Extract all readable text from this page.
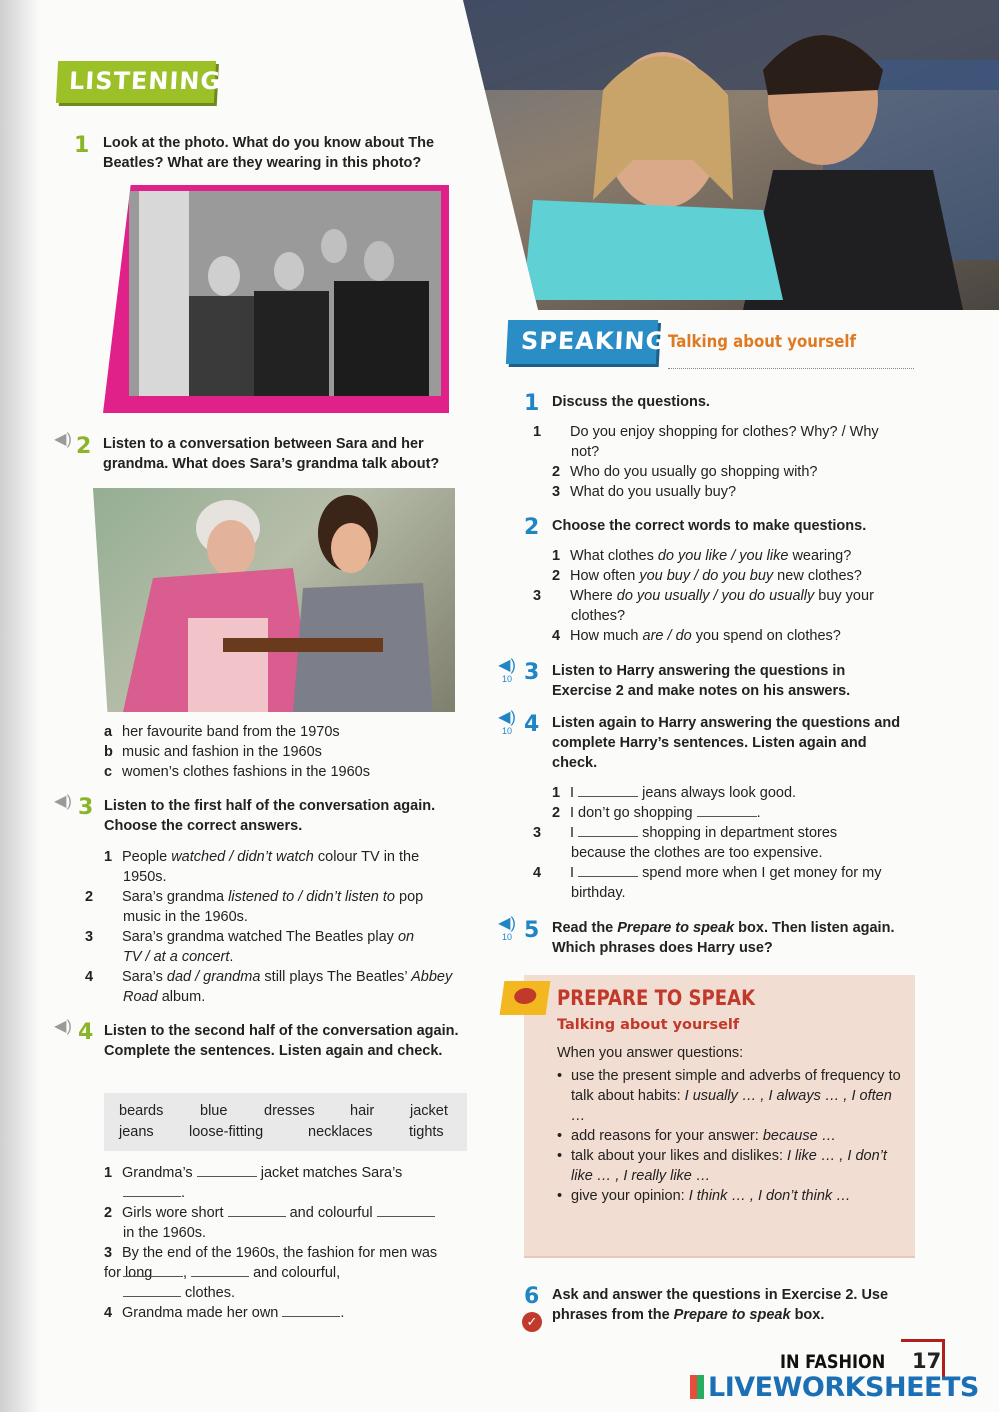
LISTENING
1 Look at the photo. What do you know about The Beatles? What are they wearing in this photo?
◀) 2 Listen to a conversation between Sara and her grandma. What does Sara’s grandma talk about?
a her favourite band from the 1970s
b music and fashion in the 1960s
c women’s clothes fashions in the 1960s
◀) 3 Listen to the first half of the conversation again. Choose the correct answers.
1 People watched / didn’t watch colour TV in the 1950s.
2 Sara’s grandma listened to / didn’t listen to pop music in the 1960s.
3 Sara’s grandma watched The Beatles play on TV / at a concert.
4 Sara’s dad / grandma still plays The Beatles’ Abbey Road album.
◀) 4 Listen to the second half of the conversation again. Complete the sentences. Listen again and check.
beards	blue	dresses hair jacket
jeans loose-fitting	necklaces	tights
1 Grandma’s	jacket matches Sara’s
.
2 Girls wore short	and colourful
in the 1960s.
3 By the end of the 1960s, the fashion for men was for long	,	and colourful,
clothes.
4 Grandma made her own	.
SPEAKING Talking about yourself
1 Discuss the questions.
1 Do you enjoy shopping for clothes? Why? / Why not?
2 Who do you usually go shopping with?
3 What do you usually buy?
2 Choose the correct words to make questions.
1 What clothes do you like / you like wearing?
2 How often you buy / do you buy new clothes?
3 Where do you usually / you do usually buy your clothes?
4 How much are / do you spend on clothes?
◀)
10 3 Listen to Harry answering the questions in Exercise 2 and make notes on his answers.
◀)
10 4 Listen again to Harry answering the questions and complete Harry’s sentences. Listen again and check.
1 I	jeans always look good.
2 I don’t go shopping	.
3 I	shopping in department stores because the clothes are too expensive.
4 I	spend more when I get money for my birthday.
◀)
10 5 Read the Prepare to speak box. Then listen again. Which phrases does Harry use?
PREPARE TO SPEAK
Talking about yourself
When you answer questions:
• use the present simple and adverbs of frequency to talk about habits: I usually … , I always … , I often …
• add reasons for your answer: because …
• talk about your likes and dislikes: I like … , I don’t like … , I really like …
• give your opinion: I think … , I don’t think …
6
✓
Ask and answer the questions in Exercise 2. Use phrases from the Prepare to speak box.
IN FASHION 17
LIVEWORKSHEETS
